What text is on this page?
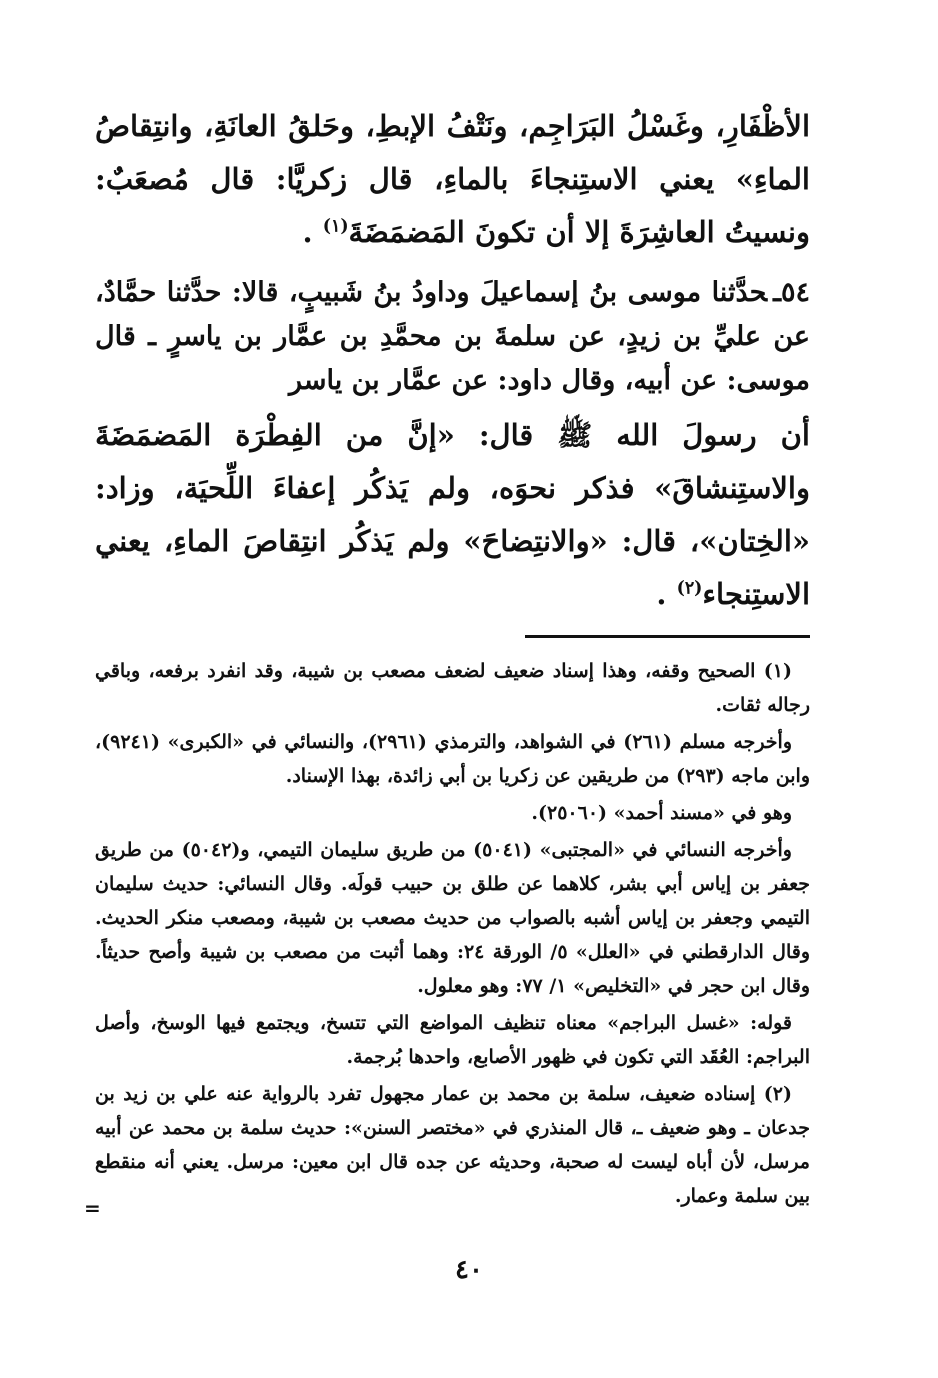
الأظْفَارِ، وغَسْلُ البَرَاجِم، ونَتْفُ الإبطِ، وحَلقُ العانَةِ، وانتِقاصُ الماءِ» يعني الاستِنجاءَ بالماءِ، قال زكريَّا: قال مُصعَبٌ: ونسيتُ العاشِرَةَ إلا أن تكونَ المَضمَضَةَ$^{(١)}$ .

٥٤ـحدَّثنا موسى بنُ إسماعيلَ وداودُ بنُ شَبيبٍ، قالا: حدَّثنا حمَّادٌ، عن عليِّ بن زيدٍ، عن سلمةَ بن محمَّدِ بن عمَّار بن ياسرٍ ـ قال موسى: عن أبيه، وقال داود: عن عمَّار بن ياسر

أن رسولَ الله ﷺ قال: «إنَّ من الفِطْرَة المَضمَضَةَ والاستِنشاقَ» فذكر نحوَه، ولم يَذكُر إعفاءَ اللِّحيَة، وزاد: «الخِتان»، قال: «والانتِضاحَ» ولم يَذكُر انتِقاصَ الماءِ، يعني الاستِنجاء$^{(٢)}$ .

(١) الصحيح وقفه، وهذا إسناد ضعيف لضعف مصعب بن شيبة، وقد انفرد برفعه، وباقي رجاله ثقات.

وأخرجه مسلم (٢٦١) في الشواهد، والترمذي (٢٩٦١)، والنسائي في «الكبرى» (٩٢٤١)، وابن ماجه (٢٩٣) من طريقين عن زكريا بن أبي زائدة، بهذا الإسناد.

وهو في «مسند أحمد» (٢٥٠٦٠).

وأخرجه النسائي في «المجتبى» (٥٠٤١) من طريق سليمان التيمي، و(٥٠٤٢) من طريق جعفر بن إياس أبي بشر، كلاهما عن طلق بن حبيب قولَه. وقال النسائي: حديث سليمان التيمي وجعفر بن إياس أشبه بالصواب من حديث مصعب بن شيبة، ومصعب منكر الحديث. وقال الدارقطني في «العلل» ٥/ الورقة ٢٤: وهما أثبت من مصعب بن شيبة وأصح حديثاً. وقال ابن حجر في «التخليص» ١/ ٧٧: وهو معلول.

قوله: «غسل البراجم» معناه تنظيف المواضع التي تتسخ، ويجتمع فيها الوسخ، وأصل البراجم: العُقَد التي تكون في ظهور الأصابع، واحدها بُرجمة.

(٢) إسناده ضعيف، سلمة بن محمد بن عمار مجهول تفرد بالرواية عنه علي بن زيد بن جدعان ـ وهو ضعيف ـ، قال المنذري في «مختصر السنن»: حديث سلمة بن محمد عن أبيه مرسل، لأن أباه ليست له صحبة، وحديثه عن جده قال ابن معين: مرسل. يعني أنه منقطع بين سلمة وعمار.

=
٤٠
